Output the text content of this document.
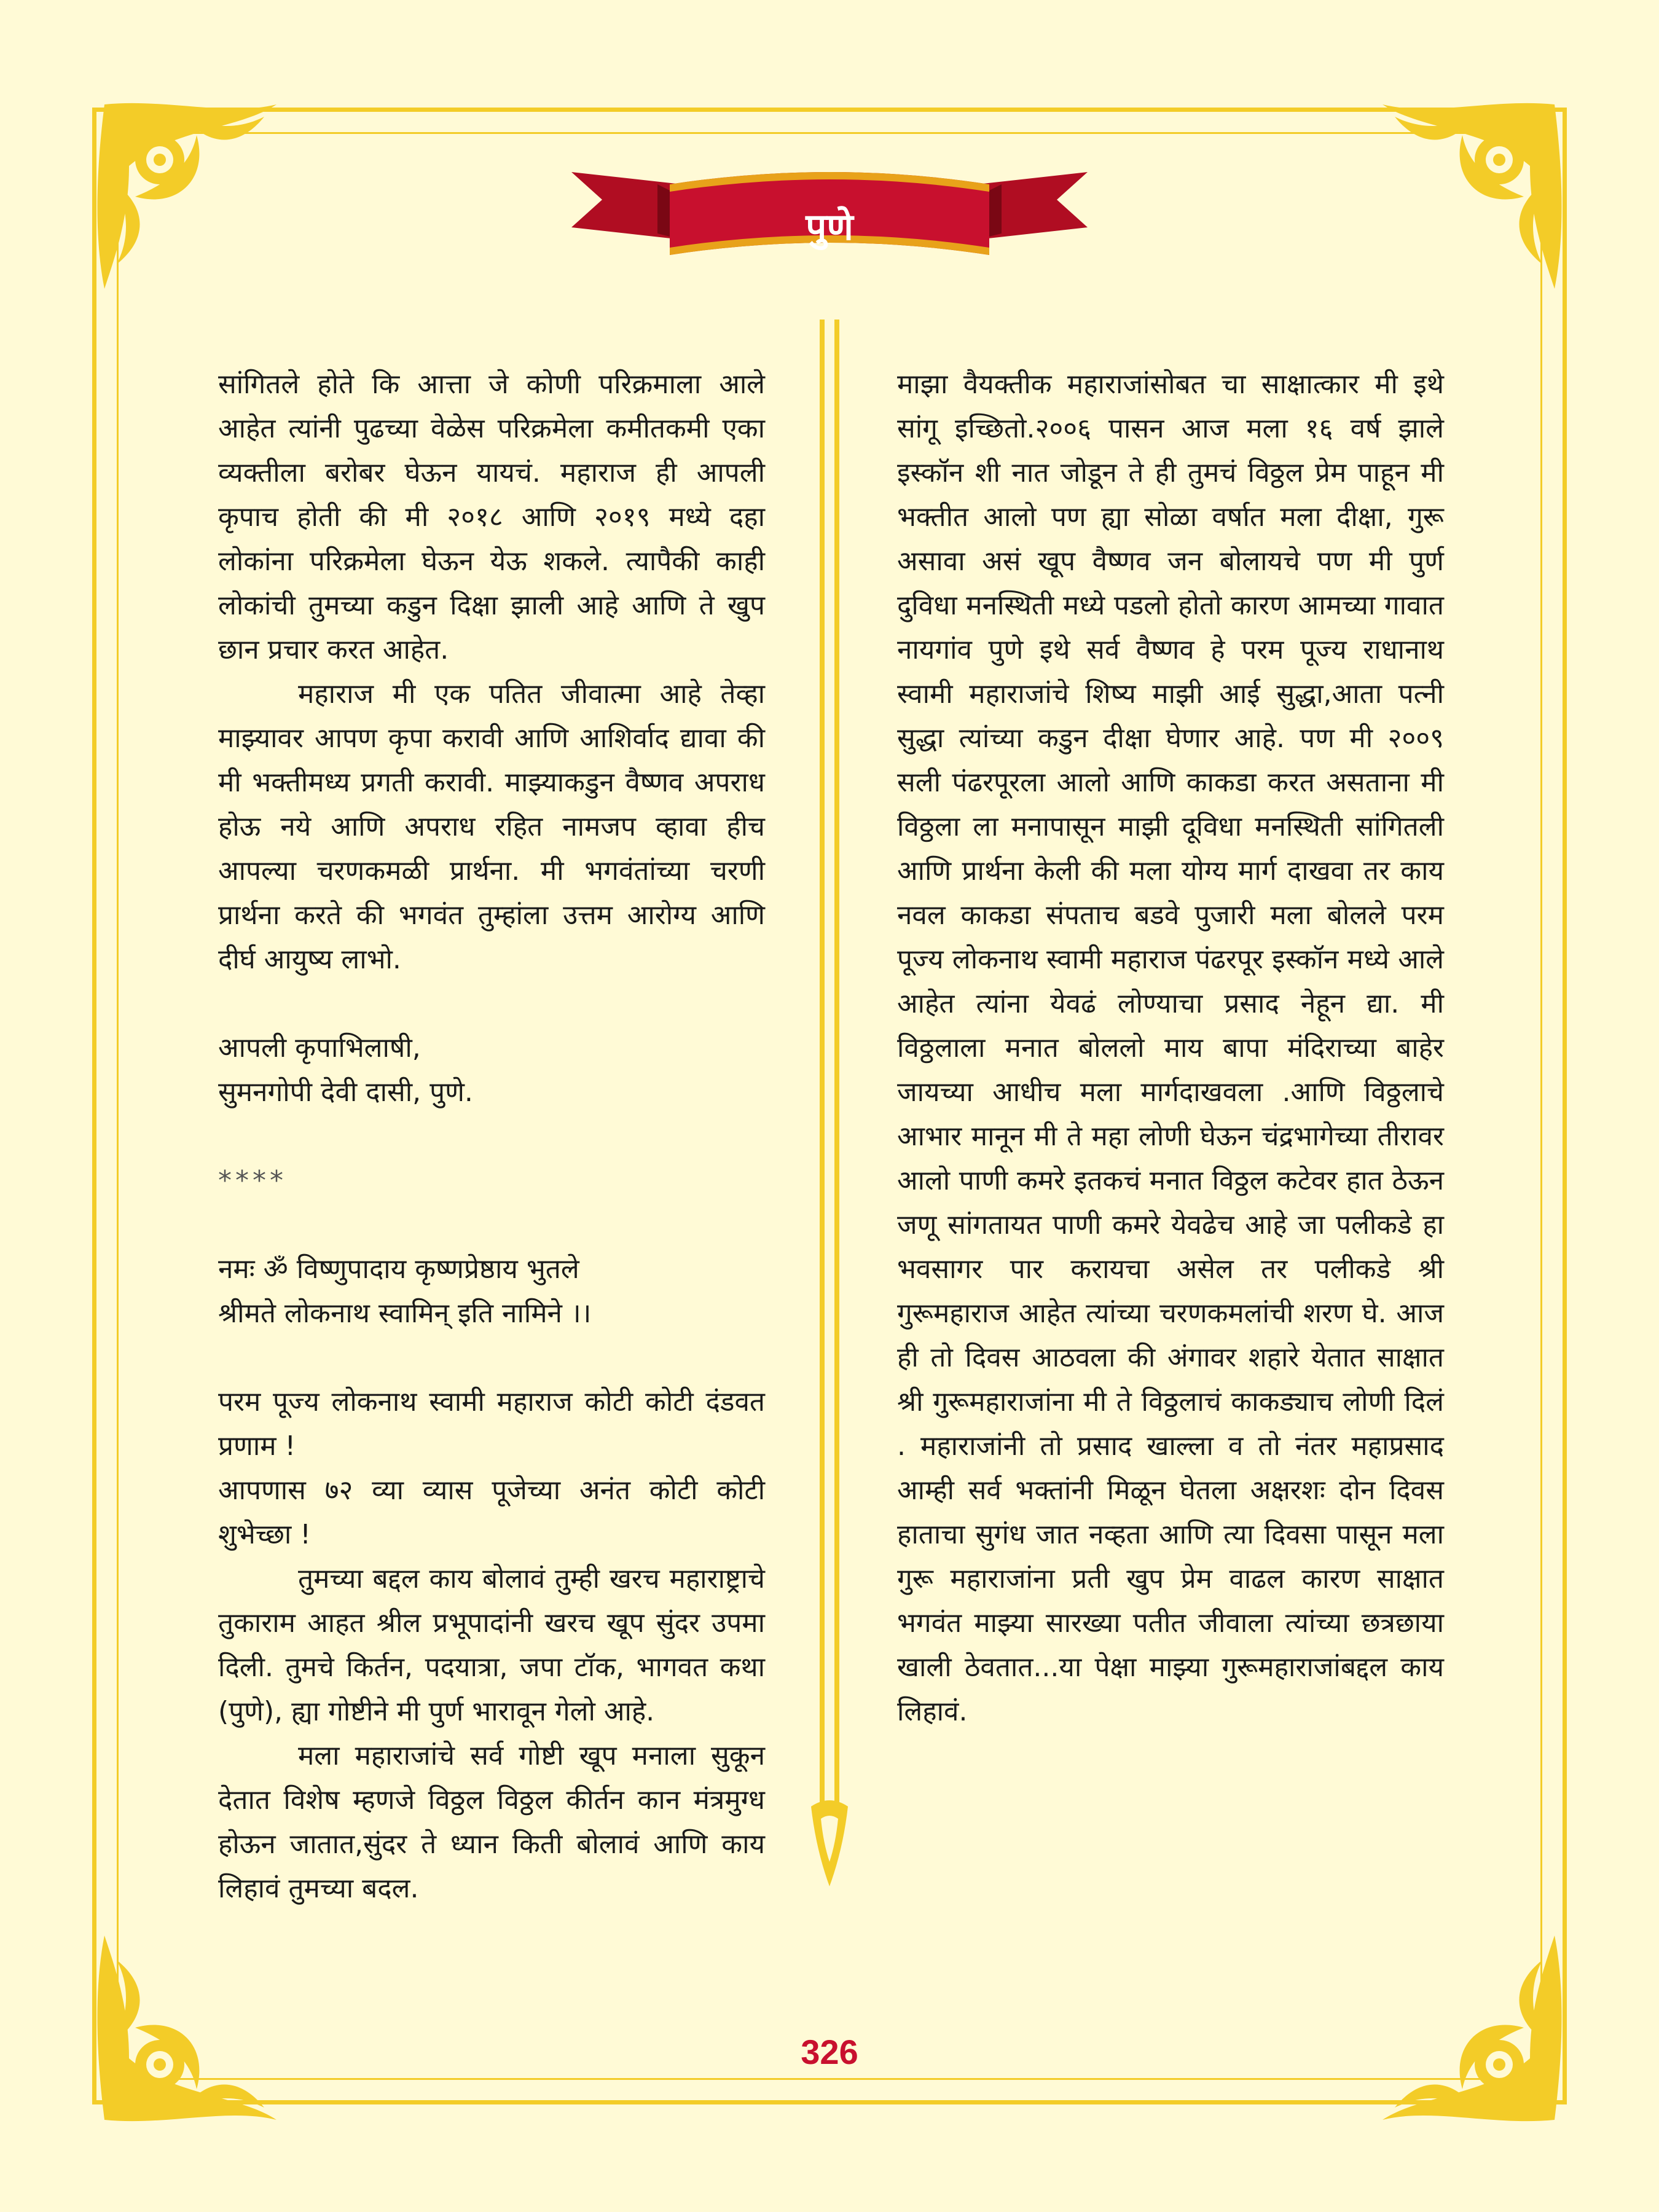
पुणे

सांगितले होते कि आत्ता जे कोणी परिक्रमाला आले आहेत त्यांनी पुढच्या वेळेस परिक्रमेला कमीतकमी एका व्यक्तीला बरोबर घेऊन यायचं. महाराज ही आपली कृपाच होती की मी २०१८ आणि २०१९ मध्ये दहा लोकांना परिक्रमेला घेऊन येऊ शकले. त्यापैकी काही लोकांची तुमच्या कडुन दिक्षा झाली आहे आणि ते खुप छान प्रचार करत आहेत.

महाराज मी एक पतित जीवात्मा आहे तेव्हा माझ्यावर आपण कृपा करावी आणि आशिर्वाद द्यावा की मी भक्तीमध्य प्रगती करावी. माझ्याकडुन वैष्णव अपराध होऊ नये आणि अपराध रहित नामजप व्हावा हीच आपल्या चरणकमळी प्रार्थना. मी भगवंतांच्या चरणी प्रार्थना करते की भगवंत तुम्हांला उत्तम आरोग्य आणि दीर्घ आयुष्य लाभो.

आपली कृपाभिलाषी,

सुमनगोपी देवी दासी, पुणे.

****

नमः ॐ विष्णुपादाय कृष्णप्रेष्ठाय भुतले

श्रीमते लोकनाथ स्वामिन् इति नामिने ।।

परम पूज्य लोकनाथ स्वामी महाराज कोटी कोटी दंडवत प्रणाम !

आपणास ७२ व्या व्यास पूजेच्या अनंत कोटी कोटी शुभेच्छा !

तुमच्या बद्दल काय बोलावं तुम्ही खरच महाराष्ट्राचे तुकाराम आहत श्रील प्रभूपादांनी खरच खूप सुंदर उपमा दिली. तुमचे किर्तन, पदयात्रा, जपा टॉक, भागवत कथा (पुणे), ह्या गोष्टीने मी पुर्ण भारावून गेलो आहे.

मला महाराजांचे सर्व गोष्टी खूप मनाला सुकून देतात विशेष म्हणजे विठ्ठल विठ्ठल कीर्तन कान मंत्रमुग्ध होऊन जातात,सुंदर ते ध्यान किती बोलावं आणि काय लिहावं तुमच्या बदल.

माझा वैयक्तीक महाराजांसोबत चा साक्षात्कार मी इथे सांगू इच्छितो.२००६ पासन आज मला १६ वर्ष झाले इस्कॉन शी नात जोडून ते ही तुमचं विठ्ठल प्रेम पाहून मी भक्तीत आलो पण ह्या सोळा वर्षात मला दीक्षा, गुरू असावा असं खूप वैष्णव जन बोलायचे पण मी पुर्ण दुविधा मनस्थिती मध्ये पडलो होतो कारण आमच्या गावात नायगांव पुणे इथे सर्व वैष्णव हे परम पूज्य राधानाथ स्वामी महाराजांचे शिष्य माझी आई सुद्धा,आता पत्नी सुद्धा त्यांच्या कडुन दीक्षा घेणार आहे. पण मी २००९ सली पंढरपूरला आलो आणि काकडा करत असताना मी विठ्ठला ला मनापासून माझी दूविधा मनस्थिती सांगितली आणि प्रार्थना केली की मला योग्य मार्ग दाखवा तर काय नवल काकडा संपताच बडवे पुजारी मला बोलले परम पूज्य लोकनाथ स्वामी महाराज पंढरपूर इस्कॉन मध्ये आले आहेत त्यांना येवढं लोण्याचा प्रसाद नेहून द्या. मी विठ्ठलाला मनात बोललो माय बापा मंदिराच्या बाहेर जायच्या आधीच मला मार्गदाखवला .आणि विठ्ठलाचे आभार मानून मी ते महा लोणी घेऊन चंद्रभागेच्या तीरावर आलो पाणी कमरे इतकचं मनात विठ्ठल कटेवर हात ठेऊन जणू सांगतायत पाणी कमरे येवढेच आहे जा पलीकडे हा भवसागर पार करायचा असेल तर पलीकडे श्री गुरूमहाराज आहेत त्यांच्या चरणकमलांची शरण घे. आज ही तो दिवस आठवला की अंगावर शहारे येतात साक्षात श्री गुरूमहाराजांना मी ते विठ्ठलाचं काकड्याच लोणी दिलं . महाराजांनी तो प्रसाद खाल्ला व तो नंतर महाप्रसाद आम्ही सर्व भक्तांनी मिळून घेतला अक्षरशः दोन दिवस हाताचा सुगंध जात नव्हता आणि त्या दिवसा पासून मला गुरू महाराजांना प्रती खुप प्रेम वाढल कारण साक्षात भगवंत माझ्या सारख्या पतीत जीवाला त्यांच्या छत्रछाया खाली ठेवतात...या पेक्षा माझ्या गुरूमहाराजांबद्दल काय लिहावं.

326
